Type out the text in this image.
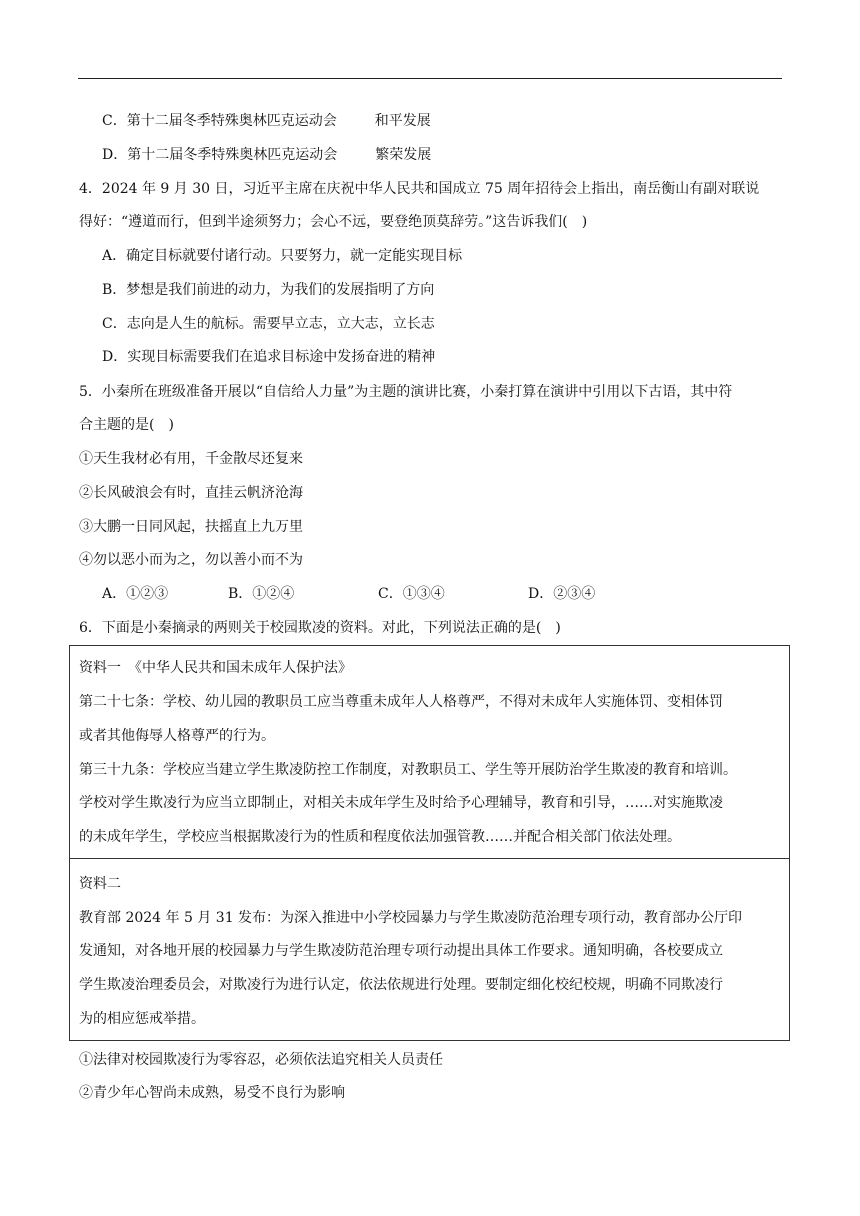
C．第十二届冬季特殊奥林匹克运动会	和平发展
D．第十二届冬季特殊奥林匹克运动会	繁荣发展
4．2024 年 9 月 30 日，习近平主席在庆祝中华人民共和国成立 75 周年招待会上指出，南岳衡山有副对联说
得好：“遵道而行，但到半途须努力；会心不远，要登绝顶莫辞劳。”这告诉我们(　)
A．确定目标就要付诸行动。只要努力，就一定能实现目标
B．梦想是我们前进的动力，为我们的发展指明了方向
C．志向是人生的航标。需要早立志，立大志，立长志
D．实现目标需要我们在追求目标途中发扬奋进的精神
5．小秦所在班级准备开展以“自信给人力量”为主题的演讲比赛，小秦打算在演讲中引用以下古语，其中符
合主题的是(　)
①天生我材必有用，千金散尽还复来
②长风破浪会有时，直挂云帆济沧海
③大鹏一日同风起，扶摇直上九万里
④勿以恶小而为之，勿以善小而不为
A．①②③	B．①②④	C．①③④	D．②③④
6．下面是小秦摘录的两则关于校园欺凌的资料。对此，下列说法正确的是(　)
资料一　《中华人民共和国未成年人保护法》
第二十七条：学校、幼儿园的教职员工应当尊重未成年人人格尊严，不得对未成年人实施体罚、变相体罚
或者其他侮辱人格尊严的行为。
第三十九条：学校应当建立学生欺凌防控工作制度，对教职员工、学生等开展防治学生欺凌的教育和培训。
学校对学生欺凌行为应当立即制止，对相关未成年学生及时给予心理辅导，教育和引导，……对实施欺凌
的未成年学生，学校应当根据欺凌行为的性质和程度依法加强管教……并配合相关部门依法处理。
资料二
教育部 2024 年 5 月 31 发布：为深入推进中小学校园暴力与学生欺凌防范治理专项行动，教育部办公厅印
发通知，对各地开展的校园暴力与学生欺凌防范治理专项行动提出具体工作要求。通知明确，各校要成立
学生欺凌治理委员会，对欺凌行为进行认定，依法依规进行处理。要制定细化校纪校规，明确不同欺凌行
为的相应惩戒举措。
①法律对校园欺凌行为零容忍，必须依法追究相关人员责任
②青少年心智尚未成熟，易受不良行为影响
